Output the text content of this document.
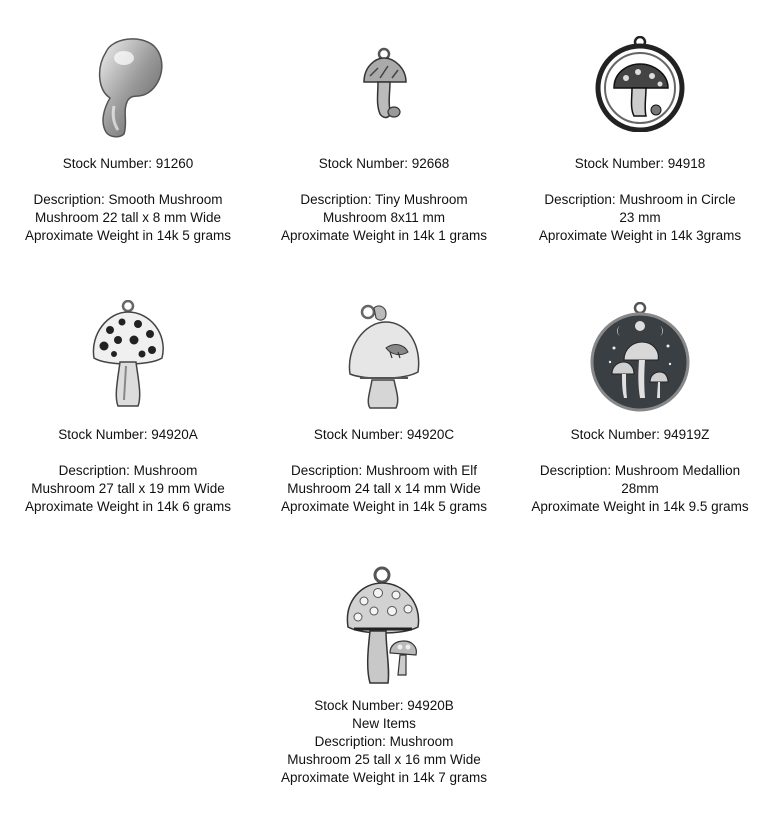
Stock Number: 91260
Description: Smooth Mushroom
Mushroom 22 tall x 8 mm Wide
Aproximate Weight in 14k 5 grams
Stock Number: 92668
Description: Tiny Mushroom
Mushroom 8x11 mm
Aproximate Weight in 14k 1 grams
Stock Number: 94918
Description: Mushroom in Circle
23 mm
Aproximate Weight in 14k 3grams
Stock Number: 94920A
Description: Mushroom
Mushroom 27 tall x 19 mm Wide
Aproximate Weight in 14k 6 grams
Stock Number: 94920C
Description: Mushroom with Elf
Mushroom 24 tall x 14 mm Wide
Aproximate Weight in 14k 5 grams
Stock Number: 94919Z
Description: Mushroom Medallion
28mm
Aproximate Weight in 14k 9.5 grams
Stock Number: 94920B
New Items
Description: Mushroom
Mushroom 25 tall x 16 mm Wide
Aproximate Weight in 14k 7 grams
